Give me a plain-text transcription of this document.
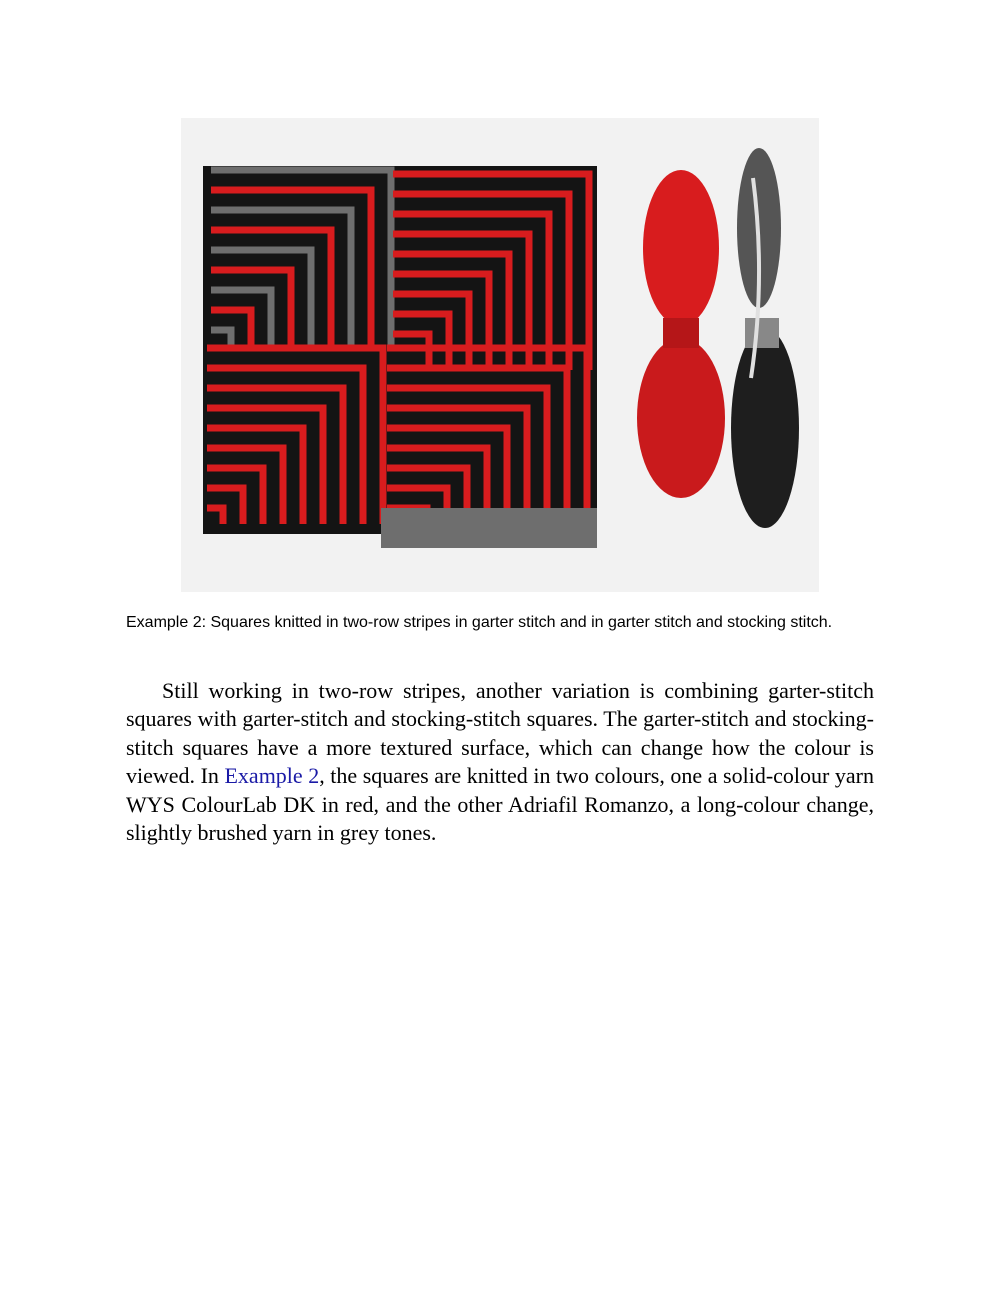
Example 2: Squares knitted in two-row stripes in garter stitch and in garter stitch and stocking stitch.

Still working in two-row stripes, another variation is combining garter-stitch squares with garter-stitch and stocking-stitch squares. The garter-stitch and stocking-stitch squares have a more textured surface, which can change how the colour is viewed. In Example 2, the squares are knitted in two colours, one a solid-colour yarn WYS ColourLab DK in red, and the other Adriafil Romanzo, a long-colour change, slightly brushed yarn in grey tones.
